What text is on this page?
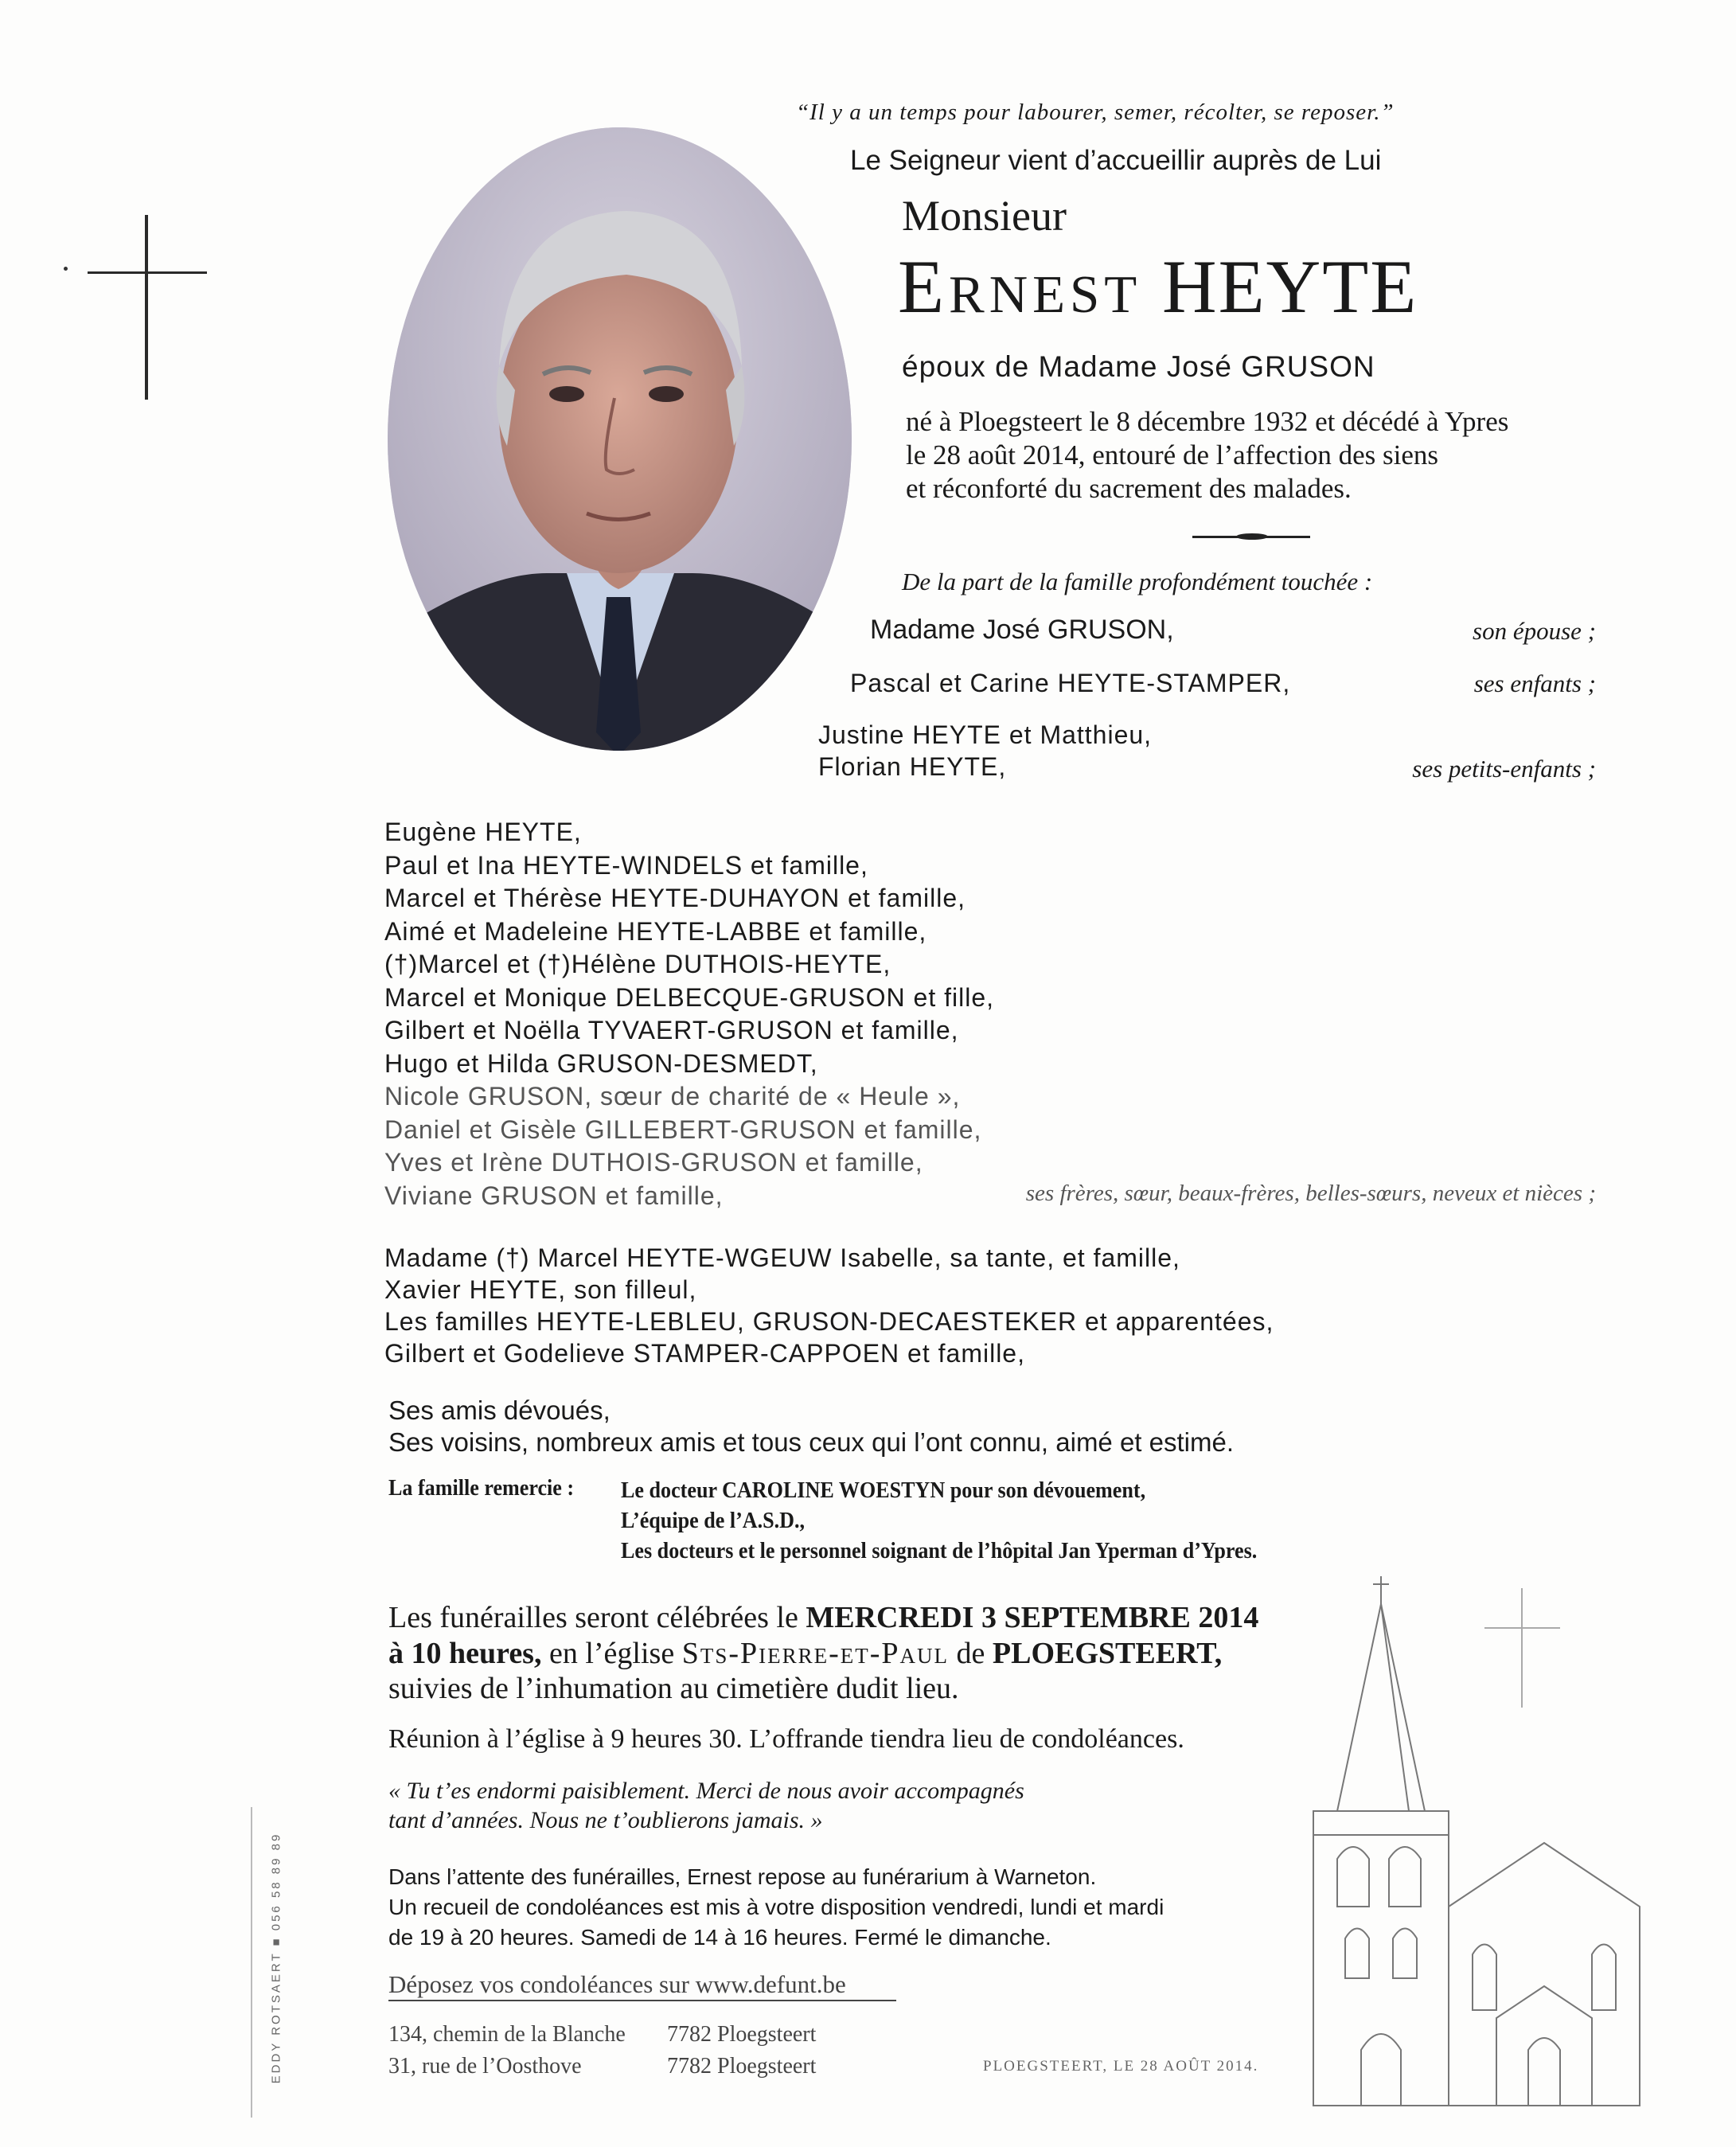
“Il y a un temps pour labourer, semer, récolter, se reposer.”
Le Seigneur vient d’accueillir auprès de Lui
Monsieur
Ernest HEYTE
époux de Madame José GRUSON
né à Ploegsteert le 8 décembre 1932 et décédé à Ypres
le 28 août 2014, entouré de l’affection des siens
et réconforté du sacrement des malades.
De la part de la famille profondément touchée :
Madame José GRUSON,	son épouse ;
Pascal et Carine HEYTE-STAMPER,	ses enfants ;
Justine HEYTE et Matthieu,
Florian HEYTE,	ses petits-enfants ;
Eugène HEYTE,
Paul et Ina HEYTE-WINDELS et famille,
Marcel et Thérèse HEYTE-DUHAYON et famille,
Aimé et Madeleine HEYTE-LABBE et famille,
(†)Marcel et (†)Hélène DUTHOIS-HEYTE,
Marcel et Monique DELBECQUE-GRUSON et fille,
Gilbert et Noëlla TYVAERT-GRUSON et famille,
Hugo et Hilda GRUSON-DESMEDT,
Nicole GRUSON, sœur de charité de « Heule »,
Daniel et Gisèle GILLEBERT-GRUSON et famille,
Yves et Irène DUTHOIS-GRUSON et famille,
Viviane GRUSON et famille,	ses frères, sœur, beaux-frères, belles-sœurs, neveux et nièces ;
Madame (†) Marcel HEYTE-WGEUW Isabelle, sa tante, et famille,
Xavier HEYTE, son filleul,
Les familles HEYTE-LEBLEU, GRUSON-DECAESTEKER et apparentées,
Gilbert et Godelieve STAMPER-CAPPOEN et famille,
Ses amis dévoués,
Ses voisins, nombreux amis et tous ceux qui l’ont connu, aimé et estimé.
La famille remercie : Le docteur CAROLINE WOESTYN pour son dévouement,
L’équipe de l’A.S.D.,
Les docteurs et le personnel soignant de l’hôpital Jan Yperman d’Ypres.
Les funérailles seront célébrées le MERCREDI 3 SEPTEMBRE 2014
à 10 heures, en l’église Sts-Pierre-et-Paul de PLOEGSTEERT,
suivies de l’inhumation au cimetière dudit lieu.
Réunion à l’église à 9 heures 30. L’offrande tiendra lieu de condoléances.
« Tu t’es endormi paisiblement. Merci de nous avoir accompagnés
tant d’années. Nous ne t’oublierons jamais. »
Dans l’attente des funérailles, Ernest repose au funérarium à Warneton.
Un recueil de condoléances est mis à votre disposition vendredi, lundi et mardi
de 19 à 20 heures. Samedi de 14 à 16 heures. Fermé le dimanche.
Déposez vos condoléances sur www.defunt.be
134, chemin de la Blanche 7782 Ploegsteert
31, rue de l’Oosthove	7782 Ploegsteert	PLOEGSTEERT, LE 28 AOÛT 2014.
EDDY ROTSAERT ■ 056 58 89 89
